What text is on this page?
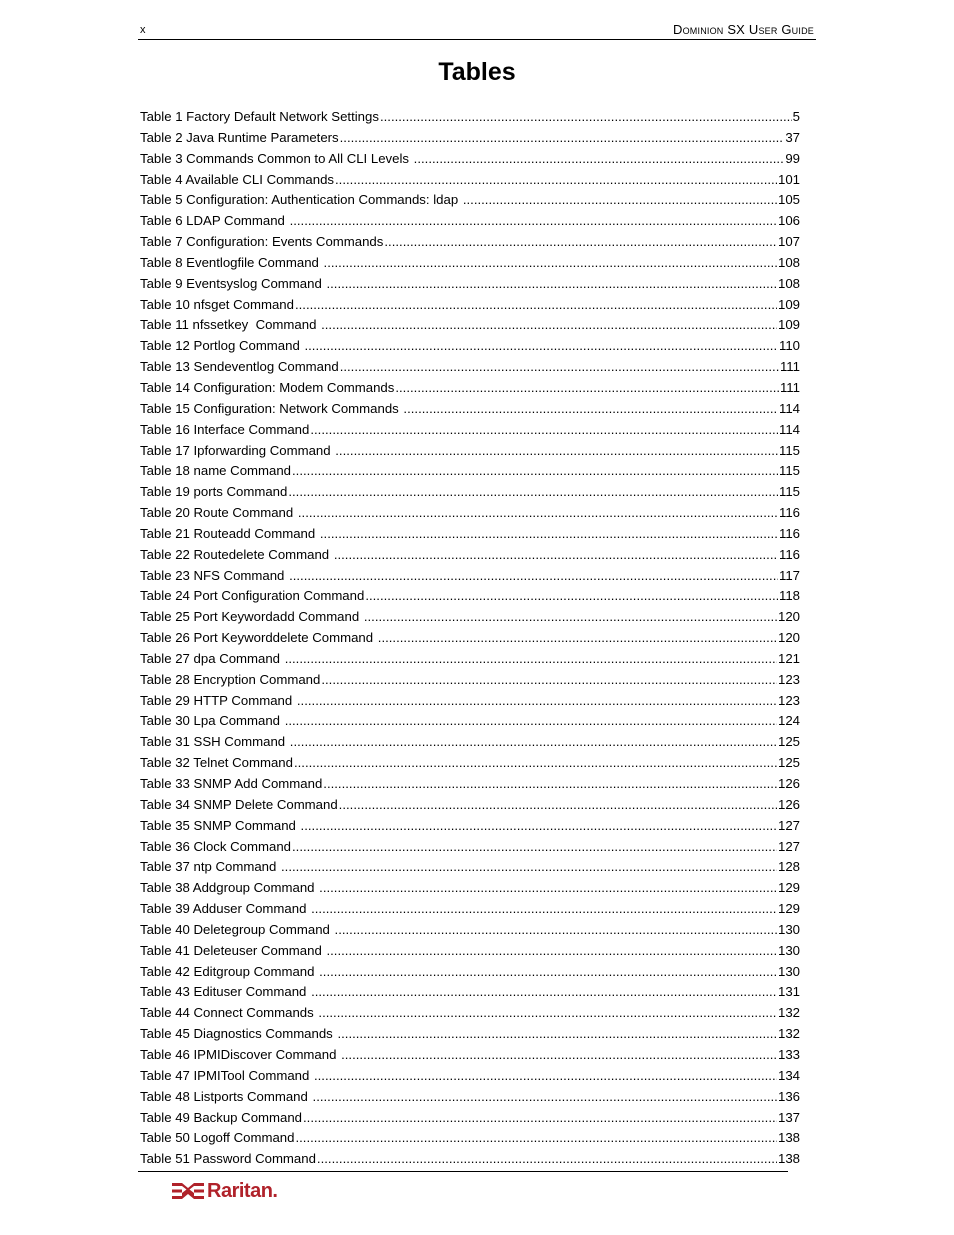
x	Dominion SX User Guide
Tables
Table 1 Factory Default Network Settings .....	5
Table 2 Java Runtime Parameters .....	37
Table 3 Commands Common to All CLI Levels .....	99
Table 4 Available CLI Commands .....	101
Table 5 Configuration: Authentication Commands: ldap .....	105
Table 6 LDAP Command .....	106
Table 7 Configuration: Events Commands .....	107
Table 8 Eventlogfile Command .....	108
Table 9 Eventsyslog Command .....	108
Table 10 nfsget Command .....	109
Table 11 nfssetkey  Command .....	109
Table 12 Portlog Command .....	110
Table 13 Sendeventlog Command .....	111
Table 14 Configuration: Modem Commands .....	111
Table 15 Configuration: Network Commands .....	114
Table 16 Interface Command .....	114
Table 17 Ipforwarding Command .....	115
Table 18 name Command .....	115
Table 19 ports Command .....	115
Table 20 Route Command .....	116
Table 21 Routeadd Command .....	116
Table 22 Routedelete Command .....	116
Table 23 NFS Command .....	117
Table 24 Port Configuration Command .....	118
Table 25 Port Keywordadd Command .....	120
Table 26 Port Keyworddelete Command .....	120
Table 27 dpa Command .....	121
Table 28 Encryption Command .....	123
Table 29 HTTP Command .....	123
Table 30 Lpa Command .....	124
Table 31 SSH Command .....	125
Table 32 Telnet Command .....	125
Table 33 SNMP Add Command .....	126
Table 34 SNMP Delete Command .....	126
Table 35 SNMP Command .....	127
Table 36 Clock Command .....	127
Table 37 ntp Command .....	128
Table 38 Addgroup Command .....	129
Table 39 Adduser Command .....	129
Table 40 Deletegroup Command .....	130
Table 41 Deleteuser Command .....	130
Table 42 Editgroup Command .....	130
Table 43 Edituser Command .....	131
Table 44 Connect Commands .....	132
Table 45 Diagnostics Commands .....	132
Table 46 IPMIDiscover Command .....	133
Table 47 IPMITool Command .....	134
Table 48 Listports Command .....	136
Table 49 Backup Command .....	137
Table 50 Logoff Command .....	138
Table 51 Password Command .....	138
Raritan .
